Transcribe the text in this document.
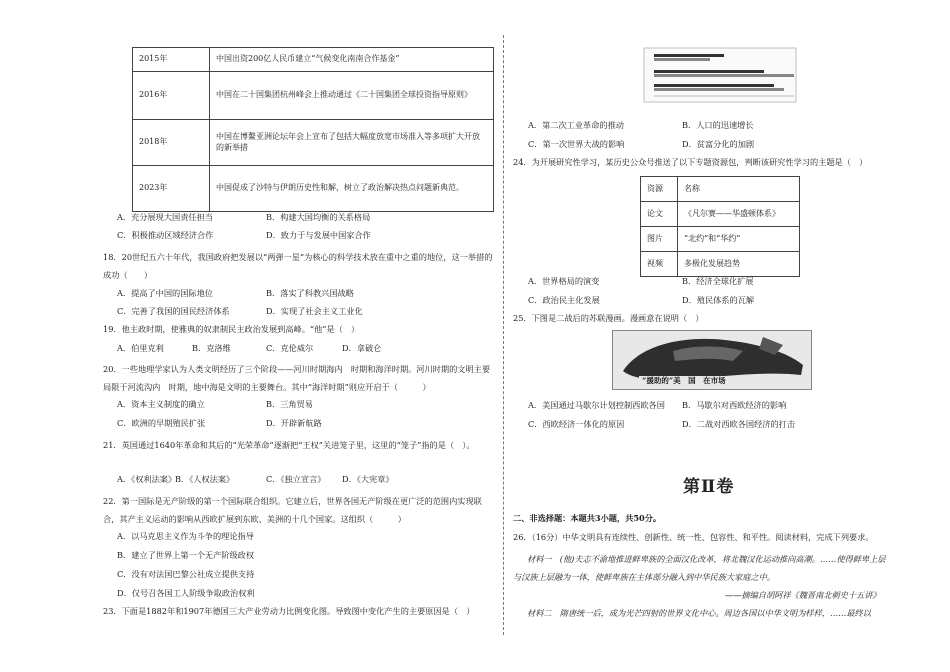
2015年	中国出资200亿人民币建立“气候变化南南合作基金”
2016年	中国在二十国集团杭州峰会上推动通过《二十国集团全球投资指导原则》
2018年	中国在博鳌亚洲论坛年会上宣布了包括大幅度放宽市场准入等多项扩大开放的新举措
2023年	中国促成了沙特与伊朗历史性和解，树立了政治解决热点问题新典范。
A．充分展现大国责任担当	B．构建大国均衡的关系格局
C．积极推动区域经济合作	D．致力于与发展中国家合作
18．20世纪五六十年代，我国政府把发展以“两弹一星”为核心的科学技术放在重中之重的地位，这一举措的成功（　　）
A．提高了中国的国际地位	B．落实了科教兴国战略
C．完善了我国的国民经济体系	D．实现了社会主义工业化
19．他主政时期，使雅典的奴隶制民主政治发展到高峰。“他”是（　）
A．伯里克利	B．克洛维	C．克伦威尔	D．拿破仑
20．一些地理学家认为人类文明经历了三个阶段——河川时期海内　时期和海洋时期。河川时期的文明主要局限于河流沟内　时期，地中海是文明的主要舞台。其中“海洋时期”则应开启于（　　　）
A．资本主义制度的确立	B．三角贸易
C．欧洲的早期殖民扩张	D．开辟新航路
21．英国通过1640年革命和其后的“光荣革命”逐渐把“王权”关进笼子里，这里的“笼子”指的是（　）。
A．《权利法案》
B．《人权法案》	C．《独立宣言》 D．《大宪章》
22．第一国际是无产阶级的第一个国际联合组织。它建立后，世界各国无产阶级在更广泛的范围内实现联合，其产主义运动的影响从西欧扩展到东欧、美洲的十几个国家。这组织（　　　）
A．以马克思主义作为斗争的理论指导
B．建立了世界上第一个无产阶级政权
C．没有对法国巴黎公社成立提供支持
D．仅号召各国工人阶级争取政治权利
23．下面是1882年和1907年德国三大产业劳动力比例变化图。导致图中变化产生的主要原因是（　）
A．第二次工业革命的推动	B．人口的迅速增长
C．第一次世界大战的影响	D．贫富分化的加剧
24．为开展研究性学习，某历史公众号推送了以下专题资源包，判断该研究性学习的主题是（　）
资源	名称
论文	《凡尔赛——华盛顿体系》
图片	“北约”和“华约”
视频	多极化发展趋势
A．世界格局的演变	B．经济全球化扩展
C．政治民主化发展	D．殖民体系的瓦解
25．下图是二战后的苏联漫画。漫画意在说明（　）
“援助的”美　国　在市场
A．美国通过马歇尔计划控制西欧各国 B．马歇尔对西欧经济的影响
C．西欧经济一体化的原因	D．二战对西欧各国经济的打击
第Ⅱ卷
二、非选择题：本题共3小题，共50分。
26．（16分）中华文明具有连续性、创新性、统一性、包容性、和平性。阅读材料，完成下列要求。
材料一　(他)夫志不渝地推进鲜卑族的全面汉化改革，将北魏汉化运动推向高潮。……使得鲜卑上层与汉族上层融为一体，使鲜卑族在主体部分融入到中华民族大家庭之中。
——摘编自胡阿祥《魏晋南北朝史十五讲》
材料二　隋唐统一后，成为光芒四射的世界文化中心。周边各国以中华文明为样样，……最终以
